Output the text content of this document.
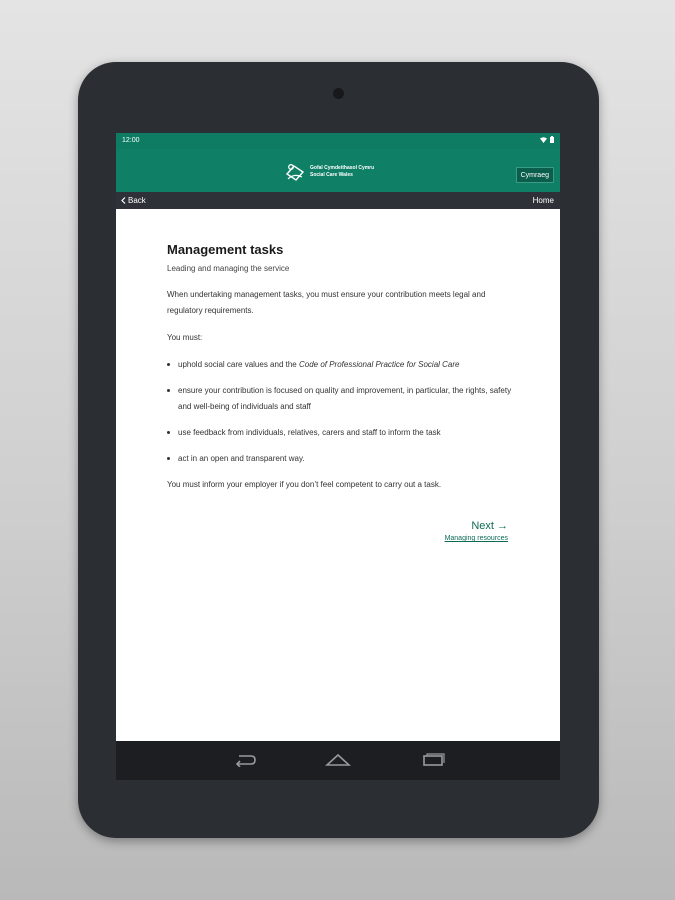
12:00
Gofal Cymdeithasol Cymru
Social Care Wales	Cymraeg
Back	Home
Management tasks
Leading and managing the service

When undertaking management tasks, you must ensure your contribution meets legal and regulatory requirements.

You must:

uphold social care values and the Code of Professional Practice for Social Care
ensure your contribution is focused on quality and improvement, in particular, the rights, safety and well-being of individuals and staff
use feedback from individuals, relatives, carers and staff to inform the task
act in an open and transparent way.

You must inform your employer if you don’t feel competent to carry out a task.

Next →
Managing resources
